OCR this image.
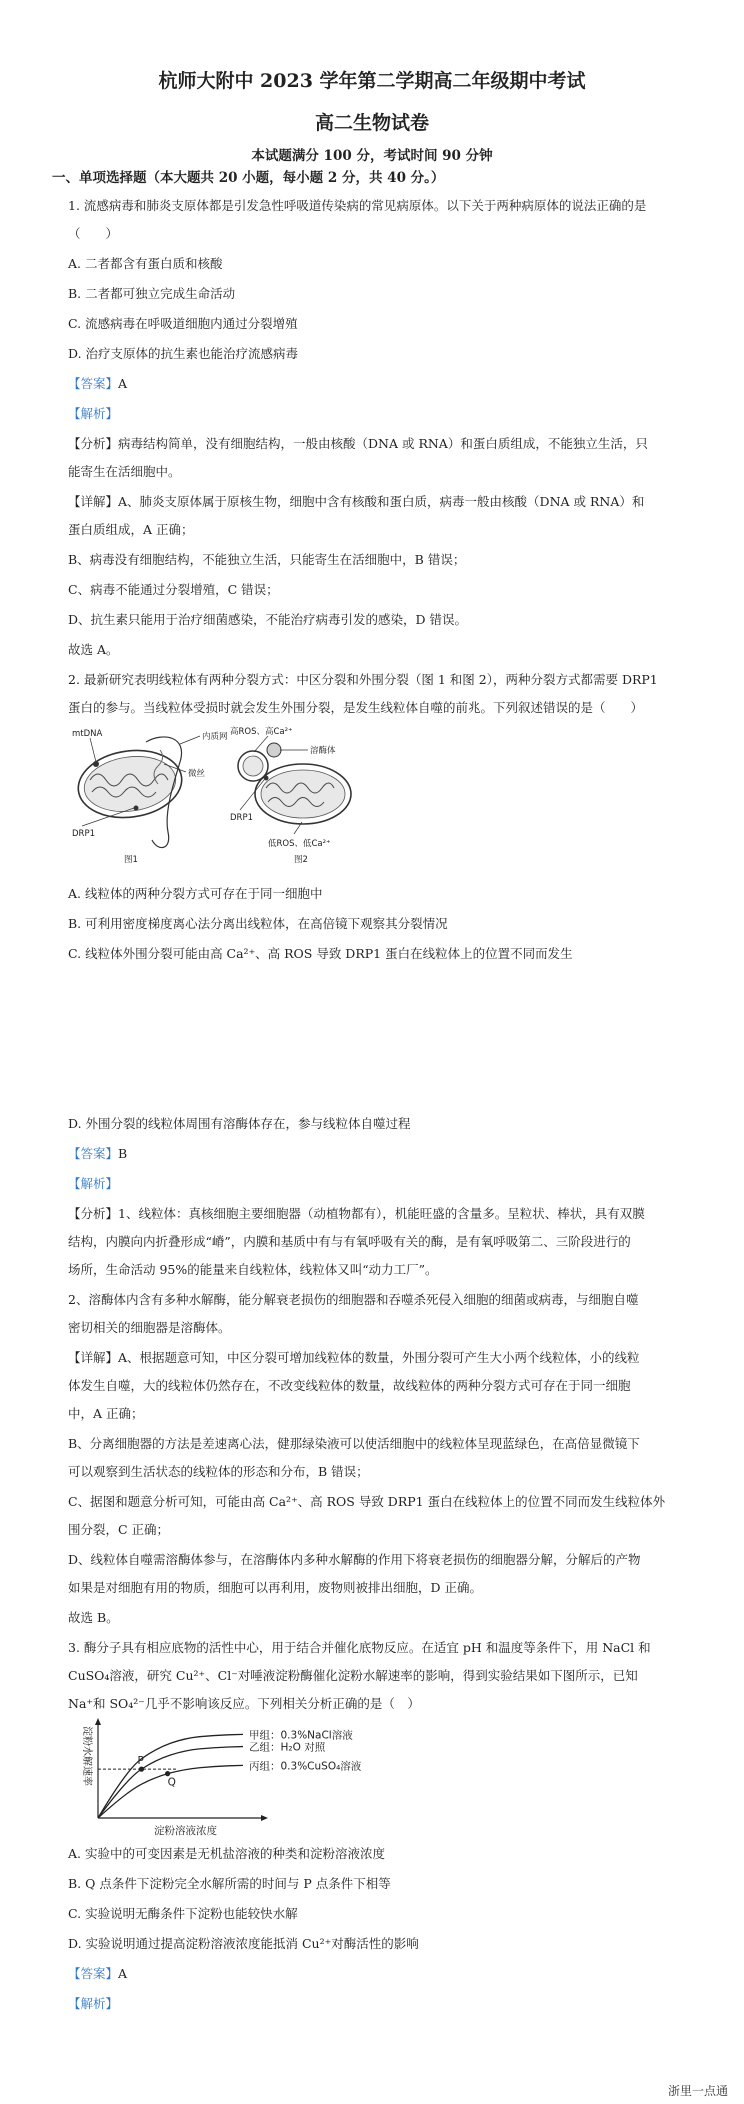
杭师大附中 2023 学年第二学期高二年级期中考试
高二生物试卷
本试题满分 100 分，考试时间 90 分钟
一、单项选择题（本大题共 20 小题，每小题 2 分，共 40 分。）
1. 流感病毒和肺炎支原体都是引发急性呼吸道传染病的常见病原体。以下关于两种病原体的说法正确的是
（　　）
A. 二者都含有蛋白质和核酸
B. 二者都可独立完成生命活动
C. 流感病毒在呼吸道细胞内通过分裂增殖
D. 治疗支原体的抗生素也能治疗流感病毒
【答案】A
【解析】
【分析】病毒结构简单，没有细胞结构，一般由核酸（DNA 或 RNA）和蛋白质组成，不能独立生活，只
能寄生在活细胞中。
【详解】A、肺炎支原体属于原核生物，细胞中含有核酸和蛋白质，病毒一般由核酸（DNA 或 RNA）和
蛋白质组成，A 正确；
B、病毒没有细胞结构，不能独立生活，只能寄生在活细胞中，B 错误；
C、病毒不能通过分裂增殖，C 错误；
D、抗生素只能用于治疗细菌感染，不能治疗病毒引发的感染，D 错误。
故选 A。
2. 最新研究表明线粒体有两种分裂方式：中区分裂和外围分裂（图 1 和图 2），两种分裂方式都需要 DRP1
蛋白的参与。当线粒体受损时就会发生外围分裂，是发生线粒体自噬的前兆。下列叙述错误的是（　　）
mtDNA	内质网
微丝
DRP1
图1
高ROS、高Ca²⁺
溶酶体
DRP1
低ROS、低Ca²⁺
图2
A. 线粒体的两种分裂方式可存在于同一细胞中
B. 可利用密度梯度离心法分离出线粒体，在高倍镜下观察其分裂情况
C. 线粒体外围分裂可能由高 Ca²⁺、高 ROS 导致 DRP1 蛋白在线粒体上的位置不同而发生
D. 外围分裂的线粒体周围有溶酶体存在，参与线粒体自噬过程
【答案】B
【解析】
【分析】1、线粒体：真核细胞主要细胞器（动植物都有），机能旺盛的含量多。呈粒状、棒状，具有双膜
结构，内膜向内折叠形成“嵴”，内膜和基质中有与有氧呼吸有关的酶，是有氧呼吸第二、三阶段进行的
场所，生命活动 95%的能量来自线粒体，线粒体又叫“动力工厂”。
2、溶酶体内含有多种水解酶，能分解衰老损伤的细胞器和吞噬杀死侵入细胞的细菌或病毒，与细胞自噬
密切相关的细胞器是溶酶体。
【详解】A、根据题意可知，中区分裂可增加线粒体的数量，外围分裂可产生大小两个线粒体，小的线粒
体发生自噬，大的线粒体仍然存在，不改变线粒体的数量，故线粒体的两种分裂方式可存在于同一细胞
中，A 正确；
B、分离细胞器的方法是差速离心法，健那绿染液可以使活细胞中的线粒体呈现蓝绿色，在高倍显微镜下
可以观察到生活状态的线粒体的形态和分布，B 错误；
C、据图和题意分析可知，可能由高 Ca²⁺、高 ROS 导致 DRP1 蛋白在线粒体上的位置不同而发生线粒体外
围分裂，C 正确；
D、线粒体自噬需溶酶体参与，在溶酶体内多种水解酶的作用下将衰老损伤的细胞器分解，分解后的产物
如果是对细胞有用的物质，细胞可以再利用，废物则被排出细胞，D 正确。
故选 B。
3. 酶分子具有相应底物的活性中心，用于结合并催化底物反应。在适宜 pH 和温度等条件下，用 NaCl 和
CuSO₄溶液，研究 Cu²⁺、Cl⁻对唾液淀粉酶催化淀粉水解速率的影响，得到实验结果如下图所示，已知
Na⁺和 SO₄²⁻几乎不影响该反应。下列相关分析正确的是（　）
淀粉水解速率
淀粉溶液浓度
甲组：0.3%NaCl溶液
乙组：H₂O 对照
丙组：0.3%CuSO₄溶液
P
Q
A. 实验中的可变因素是无机盐溶液的种类和淀粉溶液浓度
B. Q 点条件下淀粉完全水解所需的时间与 P 点条件下相等
C. 实验说明无酶条件下淀粉也能较快水解
D. 实验说明通过提高淀粉溶液浓度能抵消 Cu²⁺对酶活性的影响
【答案】A
【解析】
浙里一点通
